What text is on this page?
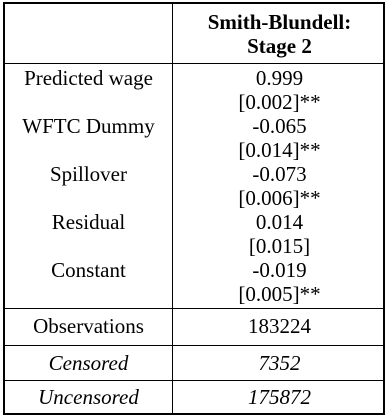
Smith-Blundell:
Stage 2
Predicted wage	0.999
[0.002]**
WFTC Dummy	-0.065
[0.014]**
Spillover	-0.073
[0.006]**
Residual	0.014
[0.015]
Constant	-0.019
[0.005]**
Observations	183224
Censored	7352
Uncensored	175872
